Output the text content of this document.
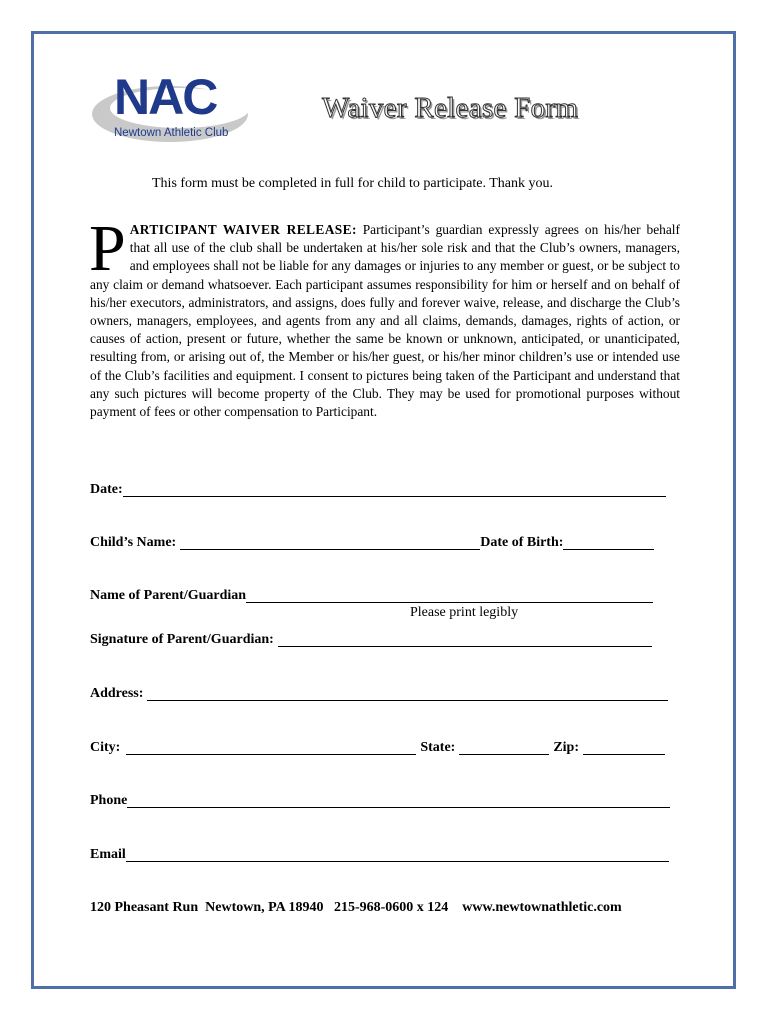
NAC
Newtown Athletic Club
Waiver Release Form
This form must be completed in full for child to participate. Thank you.
PARTICIPANT WAIVER RELEASE: Participant’s guardian expressly agrees on his/her behalf that all use of the club shall be undertaken at his/her sole risk and that the Club’s owners, managers, and employees shall not be liable for any damages or injuries to any member or guest, or be subject to any claim or demand whatsoever. Each participant assumes responsibility for him or herself and on behalf of his/her executors, administrators, and assigns, does fully and forever waive, release, and discharge the Club’s owners, managers, employees, and agents from any and all claims, demands, damages, rights of action, or causes of action, present or future, whether the same be known or unknown, anticipated, or unanticipated, resulting from, or arising out of, the Member or his/her guest, or his/her minor children’s use or intended use of the Club’s facilities and equipment. I consent to pictures being taken of the Participant and understand that any such pictures will become property of the Club. They may be used for promotional purposes without payment of fees or other compensation to Participant.
Date:
Child’s Name:	Date of Birth:
Name of Parent/Guardian
Please print legibly
Signature of Parent/Guardian:
Address:
City:	State:	Zip:
Phone
Email
120 Pheasant Run  Newtown, PA 18940   215-968-0600 x 124    www.newtownathletic.com
